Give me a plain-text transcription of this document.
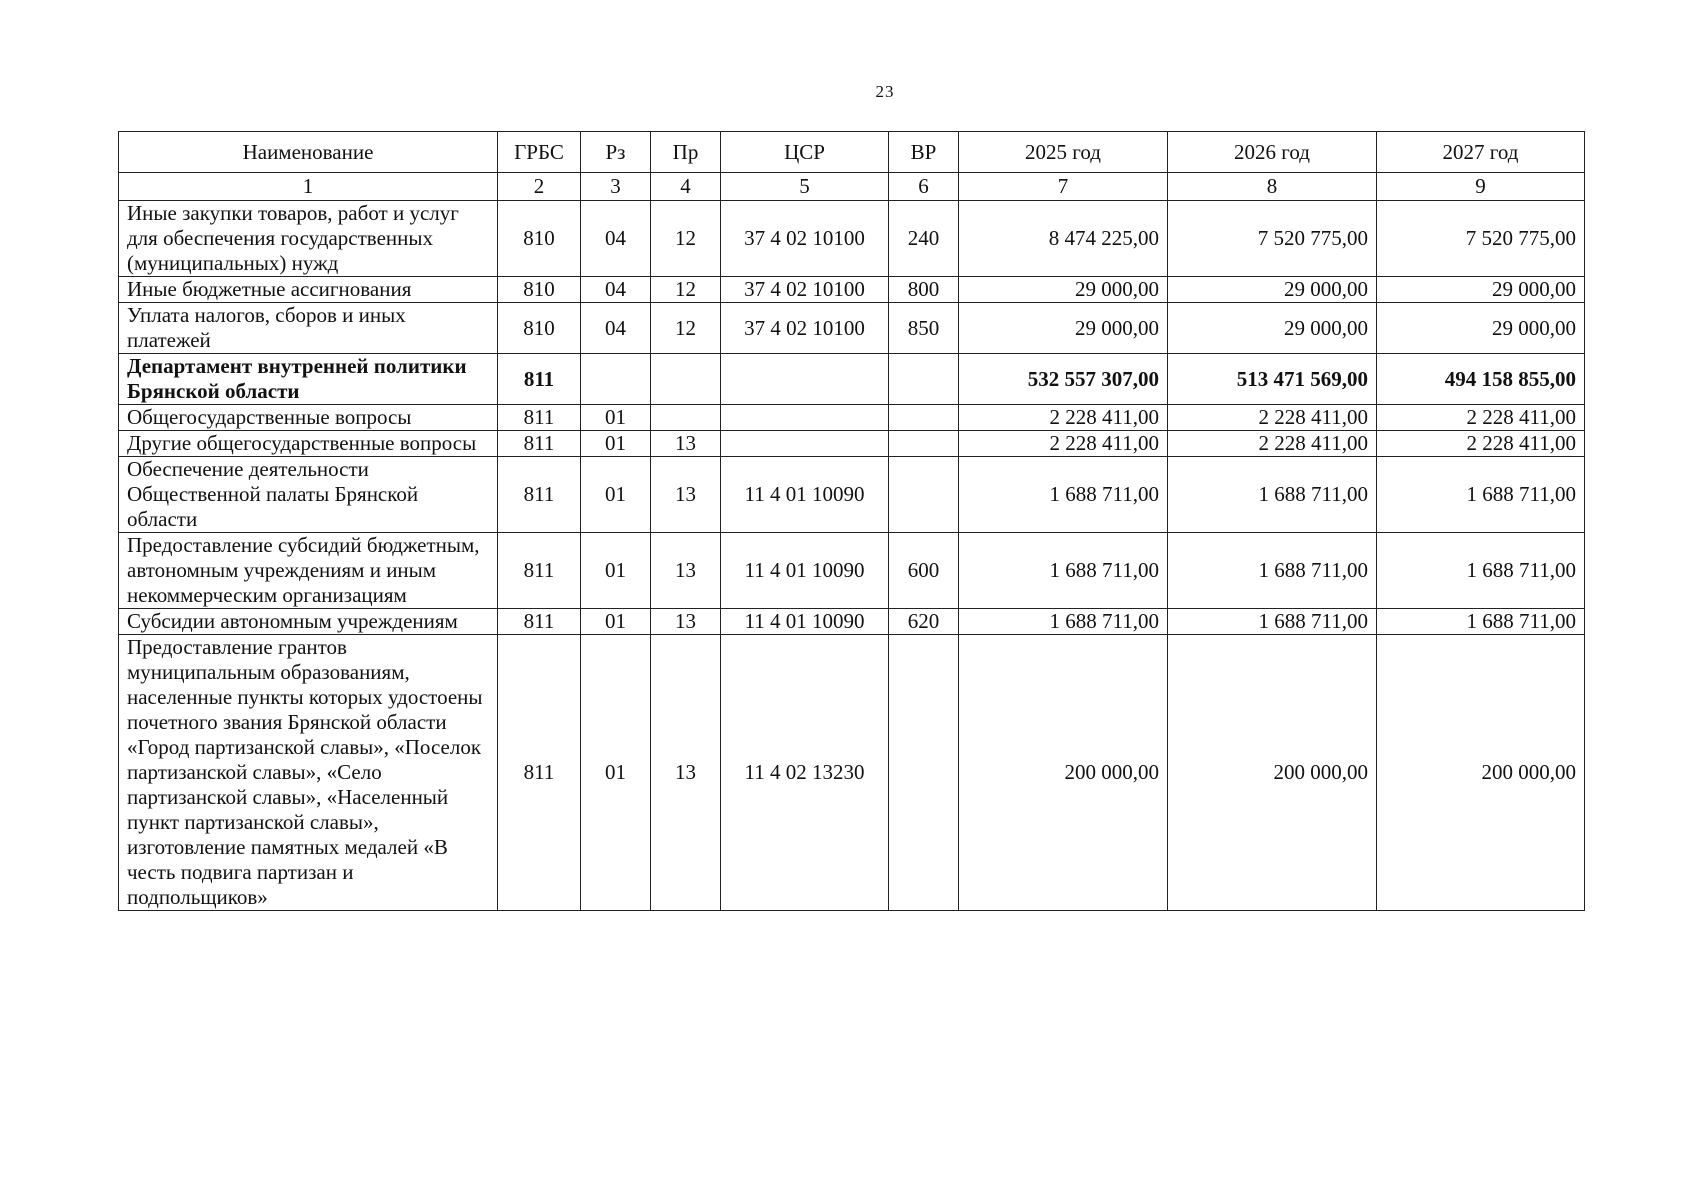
23
Наименование	ГРБС	Рз	Пр	ЦСР	ВР	2025 год	2026 год	2027 год
1	2	3	4	5	6	7	8	9
Иные закупки товаров, работ и услуг для обеспечения государственных (муниципальных) нужд	810	04	12	37 4 02 10100	240	8 474 225,00	7 520 775,00	7 520 775,00
Иные бюджетные ассигнования	810	04	12	37 4 02 10100	800	29 000,00	29 000,00	29 000,00
Уплата налогов, сборов и иных платежей	810	04	12	37 4 02 10100	850	29 000,00	29 000,00	29 000,00
Департамент внутренней политики Брянской области	811					532 557 307,00	513 471 569,00	494 158 855,00
Общегосударственные вопросы	811	01				2 228 411,00	2 228 411,00	2 228 411,00
Другие общегосударственные вопросы	811	01	13			2 228 411,00	2 228 411,00	2 228 411,00
Обеспечение деятельности Общественной палаты Брянской области	811	01	13	11 4 01 10090		1 688 711,00	1 688 711,00	1 688 711,00
Предоставление субсидий бюджетным, автономным учреждениям и иным некоммерческим организациям	811	01	13	11 4 01 10090	600	1 688 711,00	1 688 711,00	1 688 711,00
Субсидии автономным учреждениям	811	01	13	11 4 01 10090	620	1 688 711,00	1 688 711,00	1 688 711,00
Предоставление грантов муниципальным образованиям, населенные пункты которых удостоены почетного звания Брянской области «Город партизанской славы», «Поселок партизанской славы», «Село партизанской славы», «Населенный пункт партизанской славы», изготовление памятных медалей «В честь подвига партизан и подпольщиков»	811	01	13	11 4 02 13230		200 000,00	200 000,00	200 000,00
